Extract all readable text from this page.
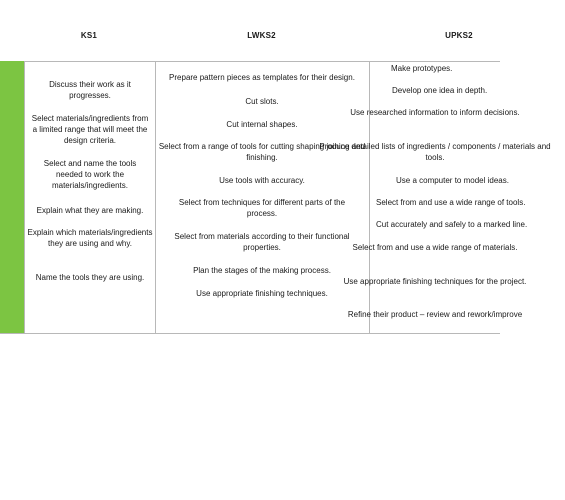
KS1	LWKS2	UPKS2

Discuss their work as it progresses.

Select materials/ingredients from a limited range that will meet the design criteria.

Select and name the tools needed to work the materials/ingredients.

Explain what they are making.

Explain which materials/ingredients they are using and why.

Name the tools they are using.

Prepare pattern pieces as templates for their design.

Cut slots.

Cut internal shapes.

Select from a range of tools for cutting shaping joining and finishing.

Use tools with accuracy.

Select from techniques for different parts of the process.

Select from materials according to their functional properties.

Plan the stages of the making process.

Use appropriate finishing techniques.

Make prototypes.

Develop one idea in depth.

Use researched information to inform decisions.

Produce detailed lists of ingredients / components / materials and tools.

Use a computer to model ideas.

Select from and use a wide range of tools.

Cut accurately and safely to a marked line.

Select from and use a wide range of materials.

Use appropriate finishing techniques for the project.

Refine their product – review and rework/improve
